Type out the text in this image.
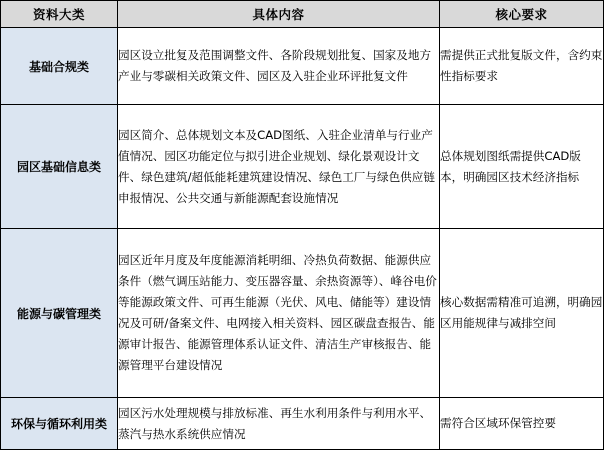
资料大类	具体内容	核心要求
基础合规类	园区设立批复及范围调整文件、各阶段规划批复、国家及地方产业与零碳相关政策文件、园区及入驻企业环评批复文件	需提供正式批复版文件，含约束性指标要求
园区基础信息类	园区简介、总体规划文本及CAD图纸、入驻企业清单与行业产值情况、园区功能定位与拟引进企业规划、绿化景观设计文件、绿色建筑/超低能耗建筑建设情况、绿色工厂与绿色供应链申报情况、公共交通与新能源配套设施情况	总体规划图纸需提供CAD版本，明确园区技术经济指标
能源与碳管理类	园区近年月度及年度能源消耗明细、冷热负荷数据、能源供应条件（燃气调压站能力、变压器容量、余热资源等）、峰谷电价等能源政策文件、可再生能源（光伏、风电、储能等）建设情况及可研/备案文件、电网接入相关资料、园区碳盘查报告、能源审计报告、能源管理体系认证文件、清洁生产审核报告、能源管理平台建设情况	核心数据需精准可追溯，明确园区用能规律与减排空间
环保与循环利用类	园区污水处理规模与排放标准、再生水利用条件与利用水平、蒸汽与热水系统供应情况	需符合区域环保管控要
